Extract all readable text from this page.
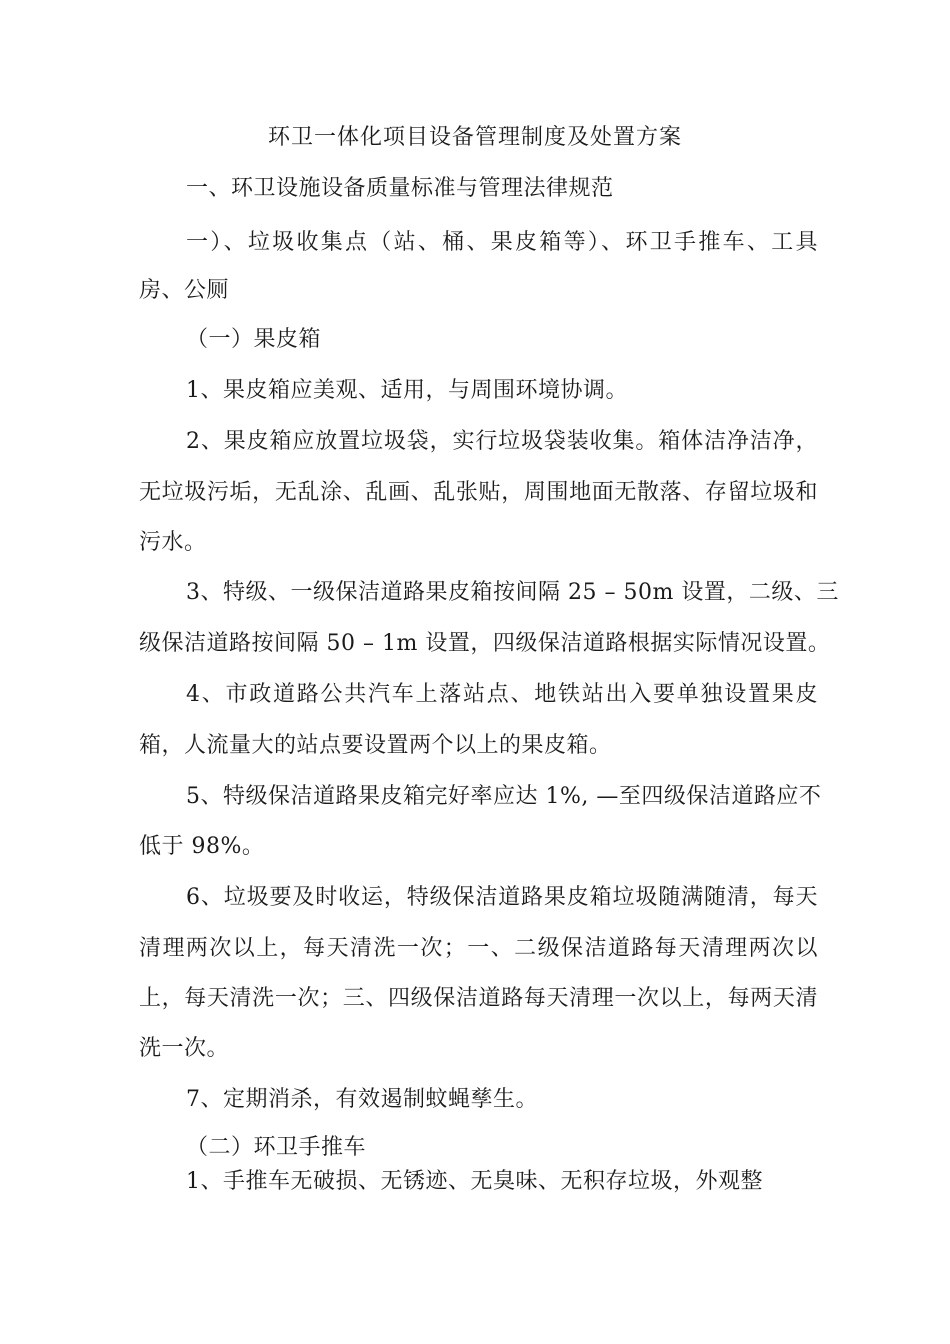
环卫一体化项目设备管理制度及处置方案
一、环卫设施设备质量标准与管理法律规范
一）、垃圾收集点（站、桶、果皮箱等）、环卫手推车、工具
房、公厕
（一）果皮箱
1、果皮箱应美观、适用，与周围环境协调。
2、果皮箱应放置垃圾袋，实行垃圾袋装收集。箱体洁净洁净，
无垃圾污垢，无乱涂、乱画、乱张贴，周围地面无散落、存留垃圾和
污水。
3、特级、一级保洁道路果皮箱按间隔 25 – 50m 设置，二级、三
级保洁道路按间隔 50 – 1m 设置，四级保洁道路根据实际情况设置。
4、市政道路公共汽车上落站点、地铁站出入要单独设置果皮
箱，人流量大的站点要设置两个以上的果皮箱。
5、特级保洁道路果皮箱完好率应达 1%, —至四级保洁道路应不
低于 98%。
6、垃圾要及时收运，特级保洁道路果皮箱垃圾随满随清，每天
清理两次以上，每天清洗一次；一、二级保洁道路每天清理两次以
上，每天清洗一次；三、四级保洁道路每天清理一次以上，每两天清
洗一次。
7、定期消杀，有效遏制蚊蝇孳生。
（二）环卫手推车
1、手推车无破损、无锈迹、无臭味、无积存垃圾，外观整
